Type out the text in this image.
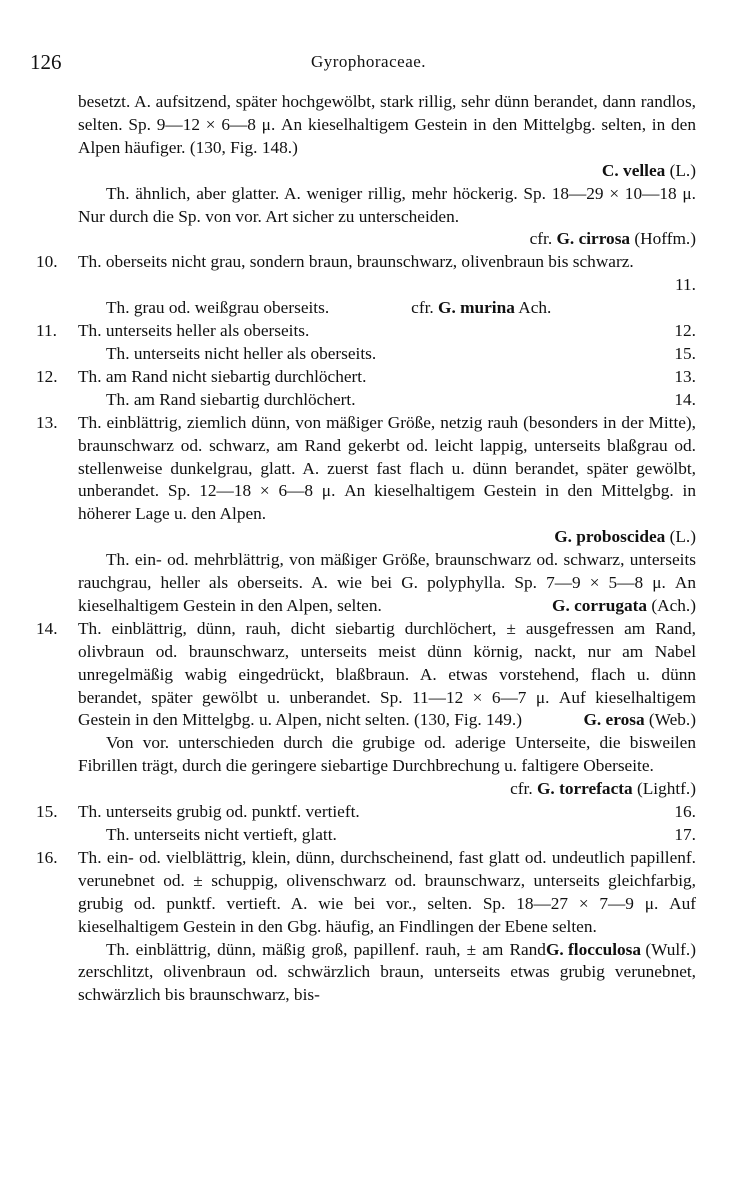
126	Gyrophoraceae.
besetzt. A. aufsitzend, später hochgewölbt, stark rillig, sehr dünn berandet, dann randlos, selten. Sp. 9—12 × 6—8 μ. An kieselhaltigem Gestein in den Mittelgbg. selten, in den Alpen häufiger. (130, Fig. 148.)
C. vellea (L.)
Th. ähnlich, aber glatter. A. weniger rillig, mehr höckerig. Sp. 18—29 × 10—18 μ. Nur durch die Sp. von vor. Art sicher zu unterscheiden.
cfr. G. cirrosa (Hoffm.)
10. Th. oberseits nicht grau, sondern braun, braunschwarz, olivenbraun bis schwarz.
11.
Th. grau od. weißgrau oberseits.	cfr. G. murina Ach.
11. Th. unterseits heller als oberseits.	12.
Th. unterseits nicht heller als oberseits.	15.
12. Th. am Rand nicht siebartig durchlöchert.	13.
Th. am Rand siebartig durchlöchert.	14.
13. Th. einblättrig, ziemlich dünn, von mäßiger Größe, netzig rauh (besonders in der Mitte), braunschwarz od. schwarz, am Rand gekerbt od. leicht lappig, unterseits blaßgrau od. stellenweise dunkelgrau, glatt. A. zuerst fast flach u. dünn berandet, später gewölbt, unberandet. Sp. 12—18 × 6—8 μ. An kieselhaltigem Gestein in den Mittelgbg. in höherer Lage u. den Alpen.
G. proboscidea (L.)
Th. ein- od. mehrblättrig, von mäßiger Größe, braunschwarz od. schwarz, unterseits rauchgrau, heller als oberseits. A. wie bei G. polyphylla. Sp. 7—9 × 5—8 μ. An kieselhaltigem Gestein in den Alpen, selten.	G. corrugata (Ach.)
14. Th. einblättrig, dünn, rauh, dicht siebartig durchlöchert, ± ausgefressen am Rand, olivbraun od. braunschwarz, unterseits meist dünn körnig, nackt, nur am Nabel unregelmäßig wabig eingedrückt, blaßbraun. A. etwas vorstehend, flach u. dünn berandet, später gewölbt u. unberandet. Sp. 11—12 × 6—7 μ. Auf kieselhaltigem Gestein in den Mittelgbg. u. Alpen, nicht selten. (130, Fig. 149.)	G. erosa (Web.)
Von vor. unterschieden durch die grubige od. aderige Unterseite, die bisweilen Fibrillen trägt, durch die geringere siebartige Durchbrechung u. faltigere Oberseite.
cfr. G. torrefacta (Lightf.)
15. Th. unterseits grubig od. punktf. vertieft.	16.
Th. unterseits nicht vertieft, glatt.	17.
16. Th. ein- od. vielblättrig, klein, dünn, durchscheinend, fast glatt od. undeutlich papillenf. verunebnet od. ± schuppig, olivenschwarz od. braunschwarz, unterseits gleichfarbig, grubig od. punktf. vertieft. A. wie bei vor., selten. Sp. 18—27 × 7—9 μ. Auf kieselhaltigem Gestein in den Gbg. häufig, an Findlingen der Ebene selten.
G. flocculosa (Wulf.)
Th. einblättrig, dünn, mäßig groß, papillenf. rauh, ± am Rand zerschlitzt, olivenbraun od. schwärzlich braun, unterseits etwas grubig verunebnet, schwärzlich bis braunschwarz, bis-
